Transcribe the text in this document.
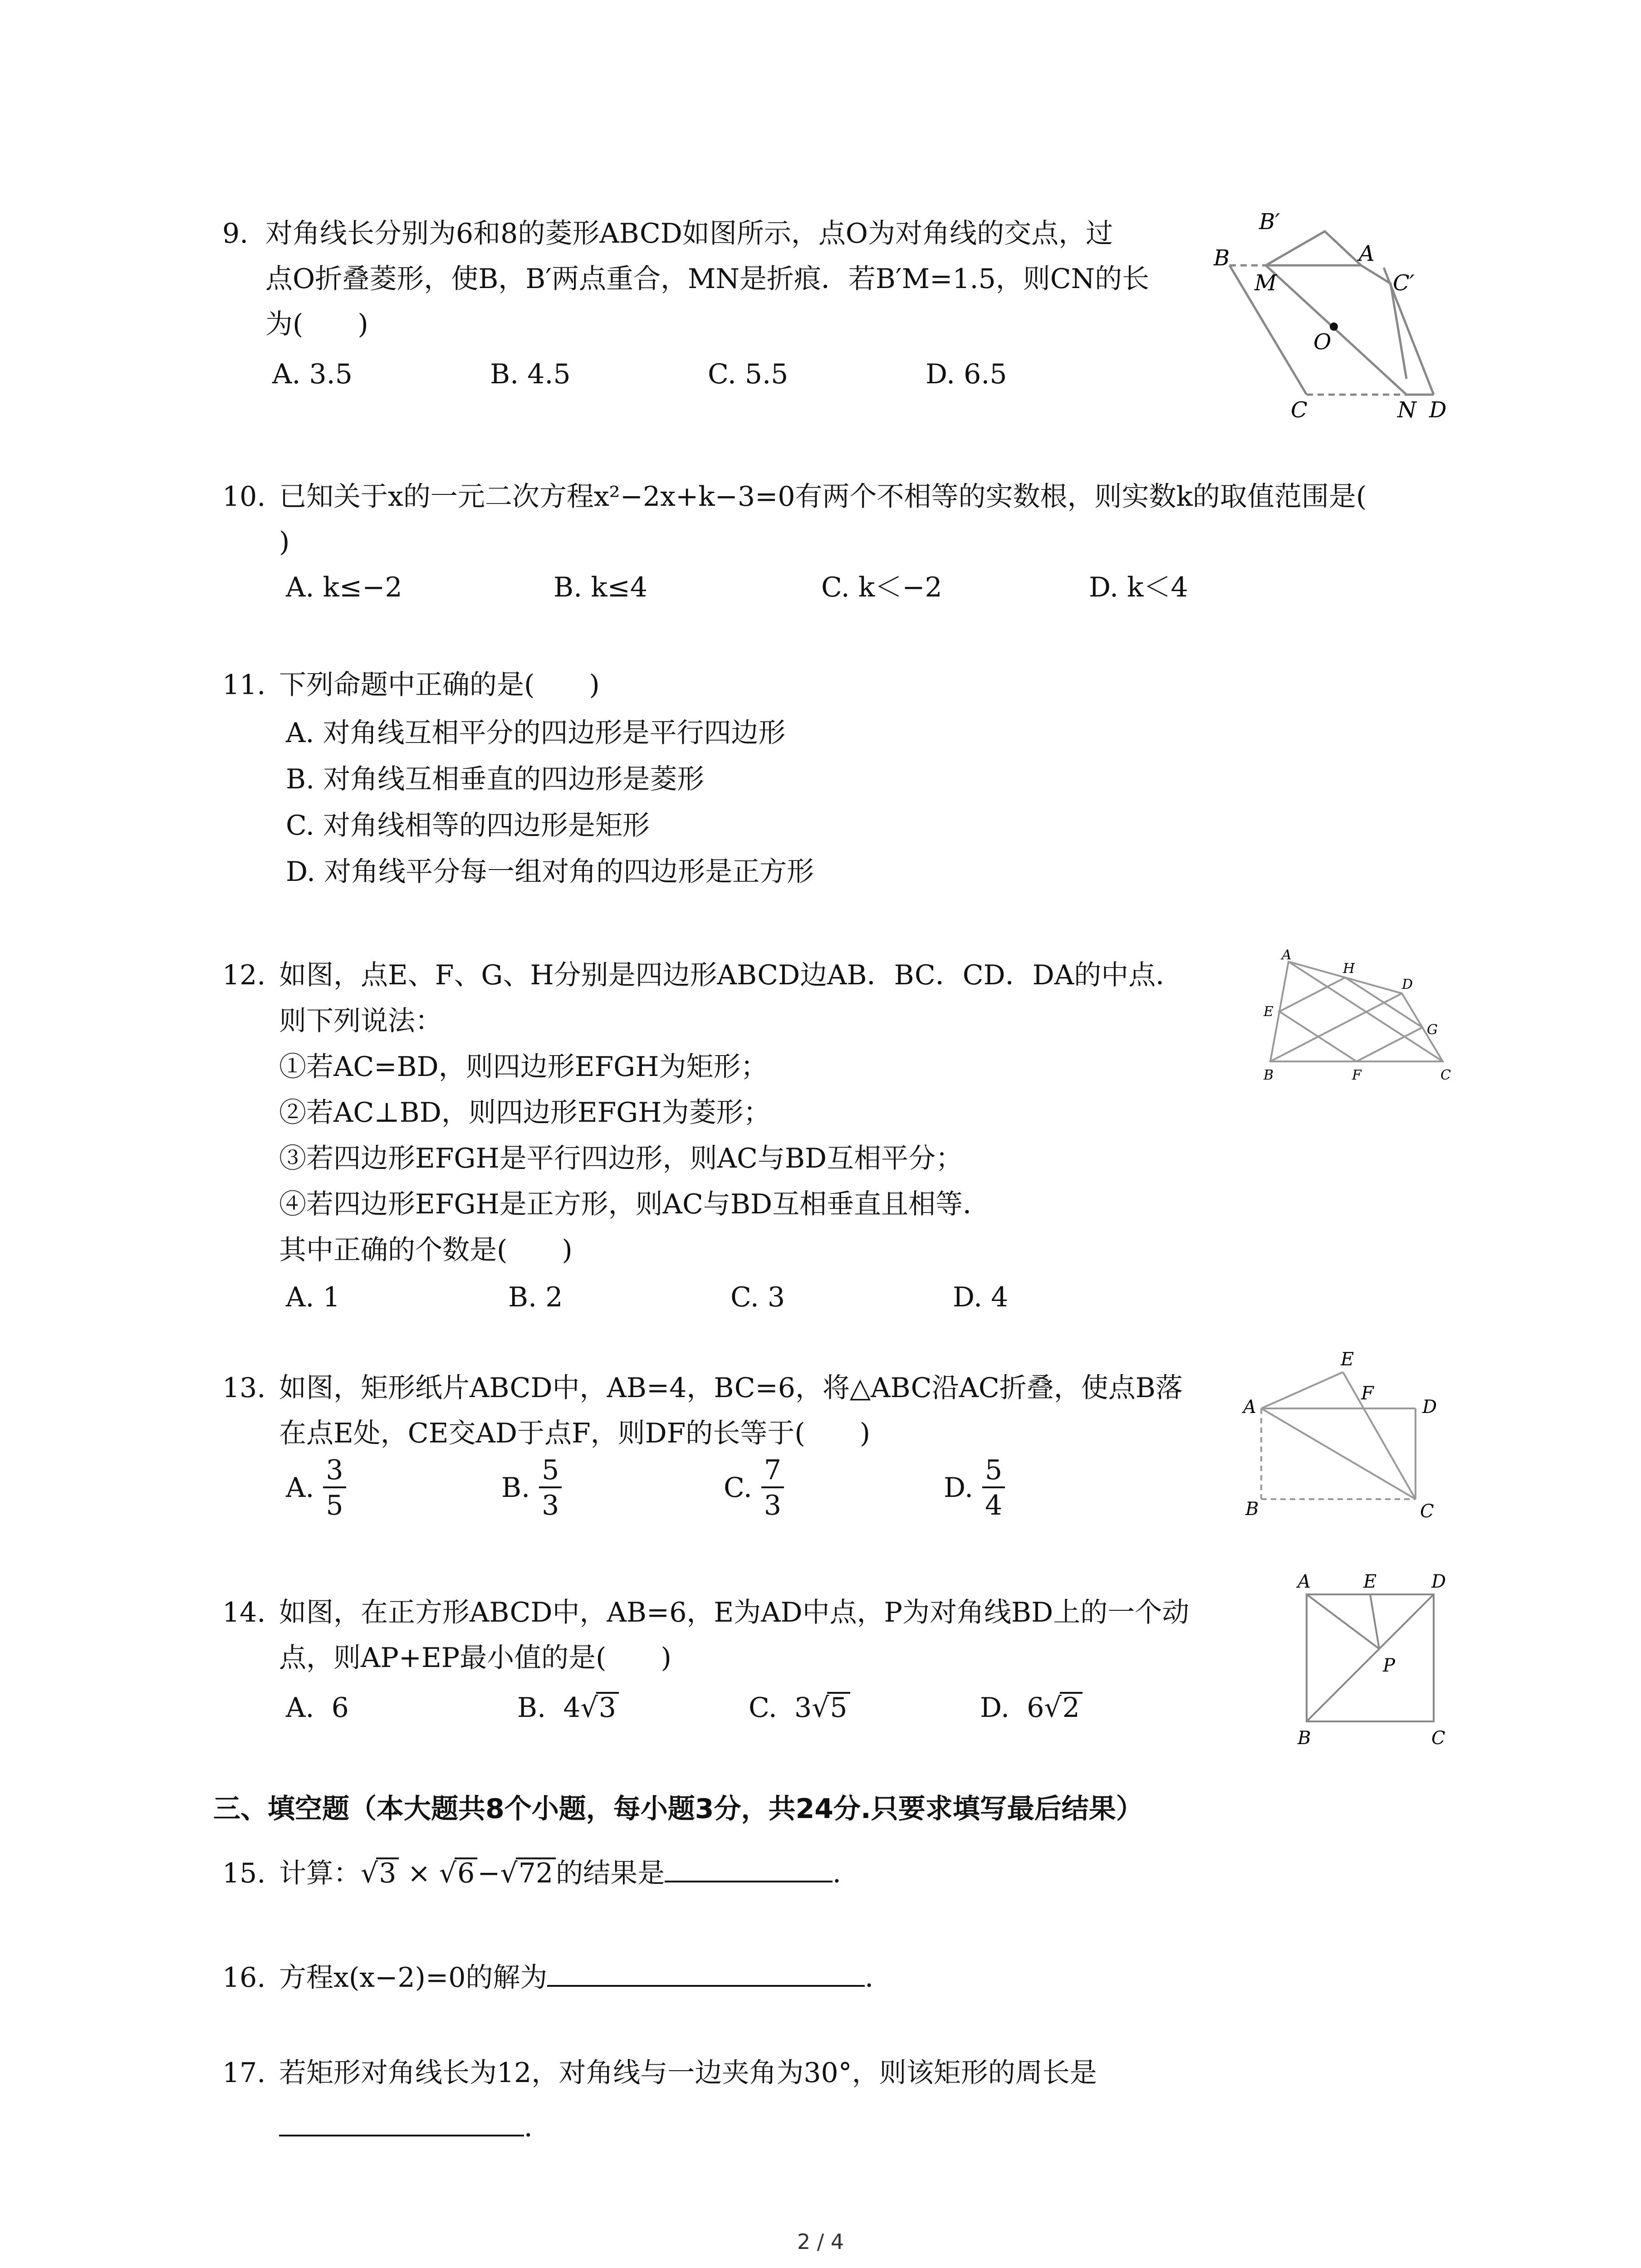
9. 对角线长分别为6和8的菱形ABCD如图所示，点O为对角线的交点，过
点O折叠菱形，使B，B′两点重合，MN是折痕．若B′M=1.5，则CN的长
为(　　)
A. 3.5	B. 4.5	C. 5.5	D. 6.5
B′
B
M
A
C′
O
C	N D
10. 已知关于x的一元二次方程x²−2x+k−3=0有两个不相等的实数根，则实数k的取值范围是(
)
A. k≤−2	B. k≤4	C. k＜−2	D. k＜4
11. 下列命题中正确的是(　　)
A. 对角线互相平分的四边形是平行四边形
B. 对角线互相垂直的四边形是菱形
C. 对角线相等的四边形是矩形
D. 对角线平分每一组对角的四边形是正方形
12. 如图，点E、F、G、H分别是四边形ABCD边AB．BC．CD．DA的中点．
则下列说法：
①若AC=BD，则四边形EFGH为矩形；
②若AC⊥BD，则四边形EFGH为菱形；
③若四边形EFGH是平行四边形，则AC与BD互相平分；
④若四边形EFGH是正方形，则AC与BD互相垂直且相等．
其中正确的个数是(　　)
A. 1	B. 2	C. 3	D. 4
A
H
D
E
G
B	F	C
13. 如图，矩形纸片ABCD中，AB=4，BC=6，将△ABC沿AC折叠，使点B落
在点E处，CE交AD于点F，则DF的长等于(　　)
A. $\frac{3}{5}$	B. $\frac{5}{3}$	C. $\frac{7}{3}$	D. $\frac{5}{4}$
E
F
A	D
B	C
14. 如图，在正方形ABCD中，AB=6，E为AD中点，P为对角线BD上的一个动
点，则AP+EP最小值的是(　　)
A. 6	B. 4√3	C. 3√5	D. 6√2
A	E	D
P
B	C
三、填空题（本大题共8个小题，每小题3分，共24分.只要求填写最后结果）
15. 计算：√3 × √6 −√72 的结果是	．
16. 方程x(x−2)=0的解为	．
17. 若矩形对角线长为12，对角线与一边夹角为30°，则该矩形的周长是
．
2 / 4
